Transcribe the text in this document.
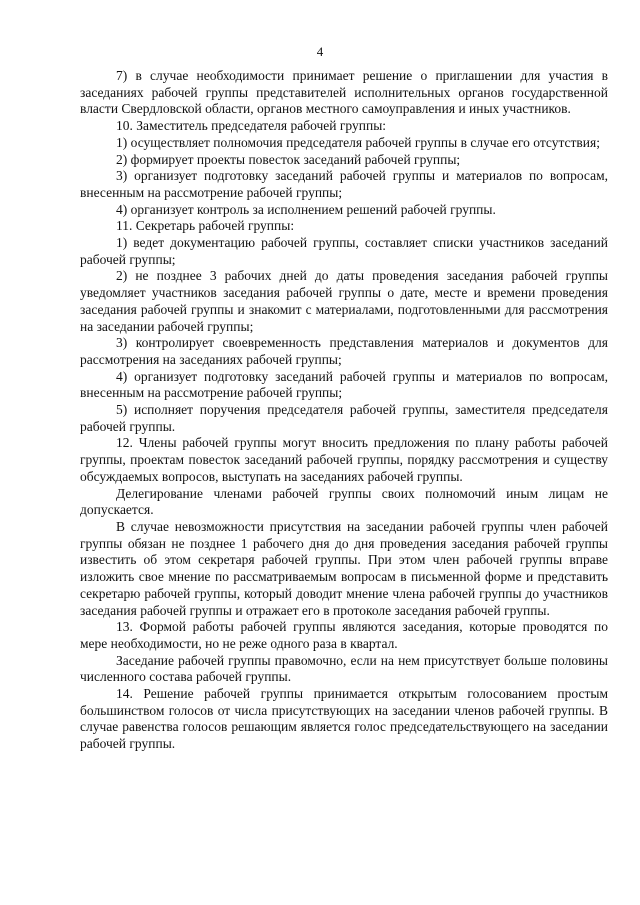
4

7) в случае необходимости принимает решение о приглашении для участия в заседаниях рабочей группы представителей исполнительных органов государственной власти Свердловской области, органов местного самоуправления и иных участников.

10. Заместитель председателя рабочей группы:

1) осуществляет полномочия председателя рабочей группы в случае его отсутствия;

2) формирует проекты повесток заседаний рабочей группы;

3) организует подготовку заседаний рабочей группы и материалов по вопросам, внесенным на рассмотрение рабочей группы;

4) организует контроль за исполнением решений рабочей группы.

11. Секретарь рабочей группы:

1) ведет документацию рабочей группы, составляет списки участников заседаний рабочей группы;

2) не позднее 3 рабочих дней до даты проведения заседания рабочей группы уведомляет участников заседания рабочей группы о дате, месте и времени проведения заседания рабочей группы и знакомит с материалами, подготовленными для рассмотрения на заседании рабочей группы;

3) контролирует своевременность представления материалов и документов для рассмотрения на заседаниях рабочей группы;

4) организует подготовку заседаний рабочей группы и материалов по вопросам, внесенным на рассмотрение рабочей группы;

5) исполняет поручения председателя рабочей группы, заместителя председателя рабочей группы.

12. Члены рабочей группы могут вносить предложения по плану работы рабочей группы, проектам повесток заседаний рабочей группы, порядку рассмотрения и существу обсуждаемых вопросов, выступать на заседаниях рабочей группы.

Делегирование членами рабочей группы своих полномочий иным лицам не допускается.

В случае невозможности присутствия на заседании рабочей группы член рабочей группы обязан не позднее 1 рабочего дня до дня проведения заседания рабочей группы известить об этом секретаря рабочей группы. При этом член рабочей группы вправе изложить свое мнение по рассматриваемым вопросам в письменной форме и представить секретарю рабочей группы, который доводит мнение члена рабочей группы до участников заседания рабочей группы и отражает его в протоколе заседания рабочей группы.

13. Формой работы рабочей группы являются заседания, которые проводятся по мере необходимости, но не реже одного раза в квартал.

Заседание рабочей группы правомочно, если на нем присутствует больше половины численного состава рабочей группы.

14. Решение рабочей группы принимается открытым голосованием простым большинством голосов от числа присутствующих на заседании членов рабочей группы. В случае равенства голосов решающим является голос председательствующего на заседании рабочей группы.
